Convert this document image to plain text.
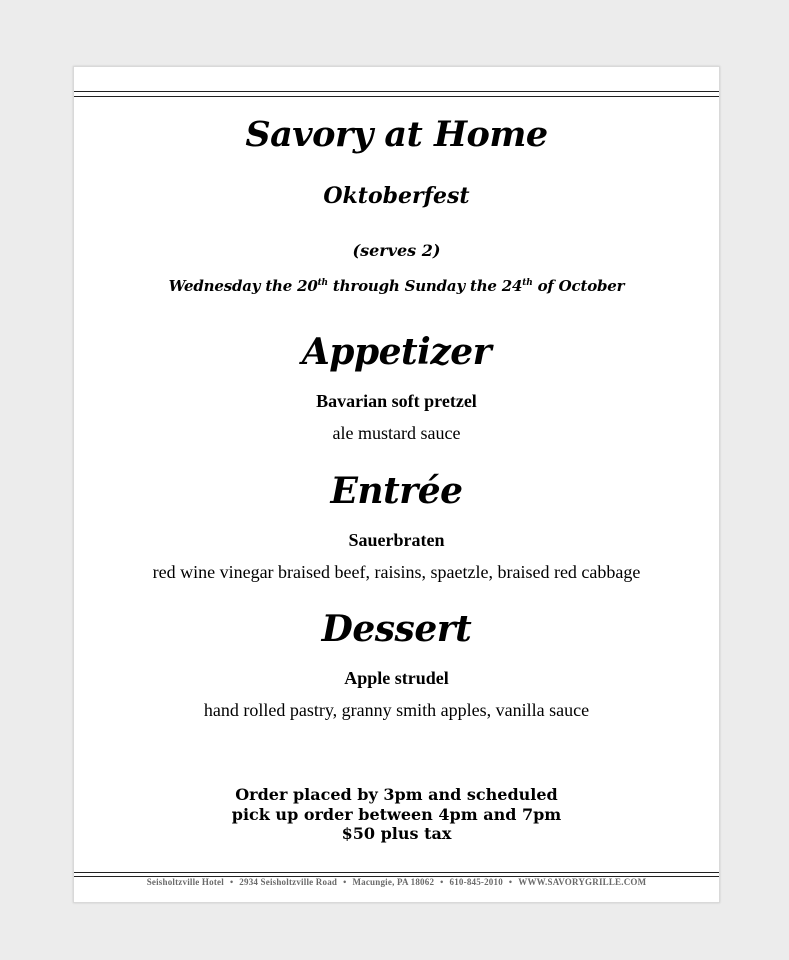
Savory at Home
Oktoberfest
(serves 2)
Wednesday the 20th through Sunday the 24th of October
Appetizer
Bavarian soft pretzel
ale mustard sauce
Entrée
Sauerbraten
red wine vinegar braised beef, raisins, spaetzle, braised red cabbage
Dessert
Apple strudel
hand rolled pastry, granny smith apples, vanilla sauce
Order placed by 3pm and scheduled
pick up order between 4pm and 7pm
$50 plus tax
Seisholtzville Hotel • 2934 Seisholtzville Road • Macungie, PA 18062 • 610-845-2010 • WWW.SAVORYGRILLE.COM
